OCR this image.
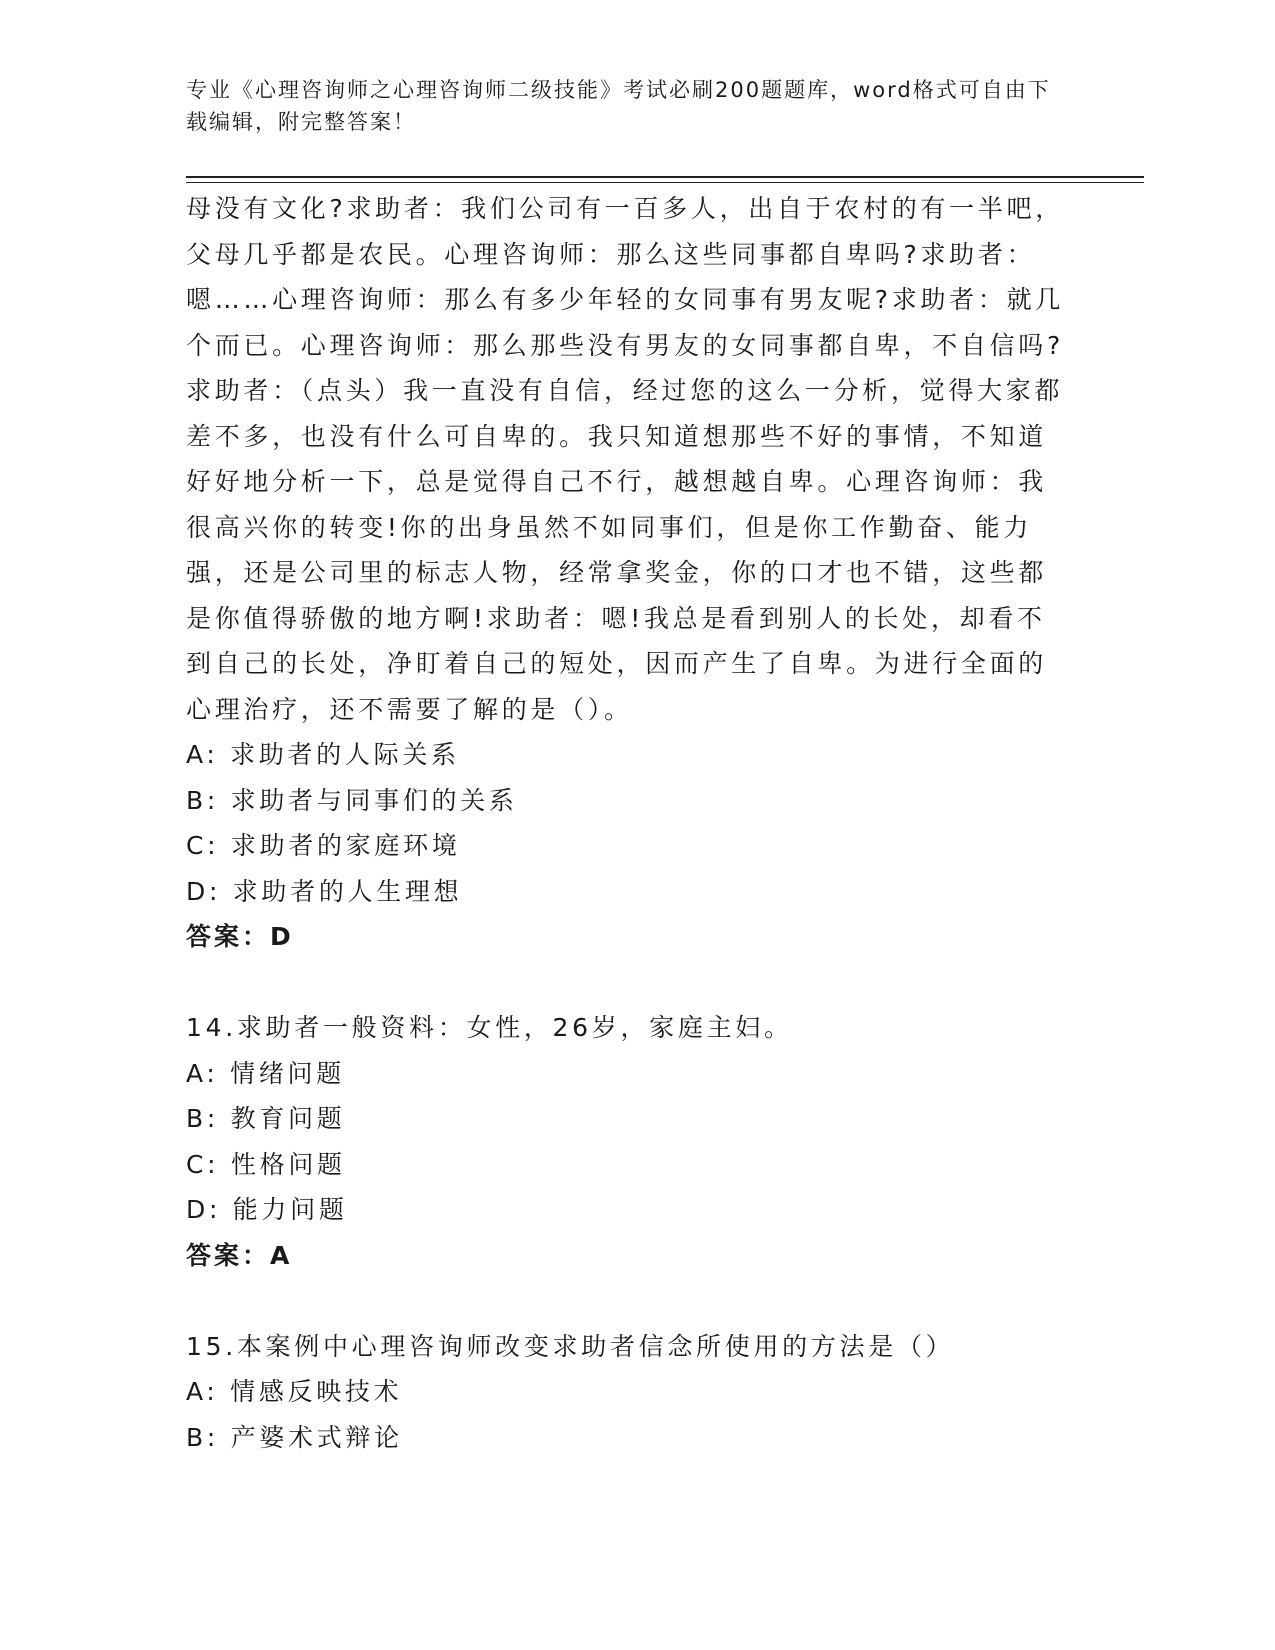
专业《心理咨询师之心理咨询师二级技能》考试必刷200题题库，word格式可自由下载编辑，附完整答案！

母没有文化?求助者：我们公司有一百多人，出自于农村的有一半吧，父母几乎都是农民。心理咨询师：那么这些同事都自卑吗?求助者：嗯……心理咨询师：那么有多少年轻的女同事有男友呢?求助者：就几个而已。心理咨询师：那么那些没有男友的女同事都自卑，不自信吗?求助者：（点头）我一直没有自信，经过您的这么一分析，觉得大家都差不多，也没有什么可自卑的。我只知道想那些不好的事情，不知道好好地分析一下，总是觉得自己不行，越想越自卑。心理咨询师：我很高兴你的转变!你的出身虽然不如同事们，但是你工作勤奋、能力强，还是公司里的标志人物，经常拿奖金，你的口才也不错，这些都是你值得骄傲的地方啊!求助者：嗯!我总是看到别人的长处，却看不到自己的长处，净盯着自己的短处，因而产生了自卑。为进行全面的心理治疗，还不需要了解的是（）。

A: 求助者的人际关系

B: 求助者与同事们的关系

C: 求助者的家庭环境

D: 求助者的人生理想

答案：D

14.求助者一般资料：女性，26岁，家庭主妇。

A: 情绪问题

B: 教育问题

C: 性格问题

D: 能力问题

答案：A

15.本案例中心理咨询师改变求助者信念所使用的方法是（）

A: 情感反映技术

B: 产婆术式辩论
